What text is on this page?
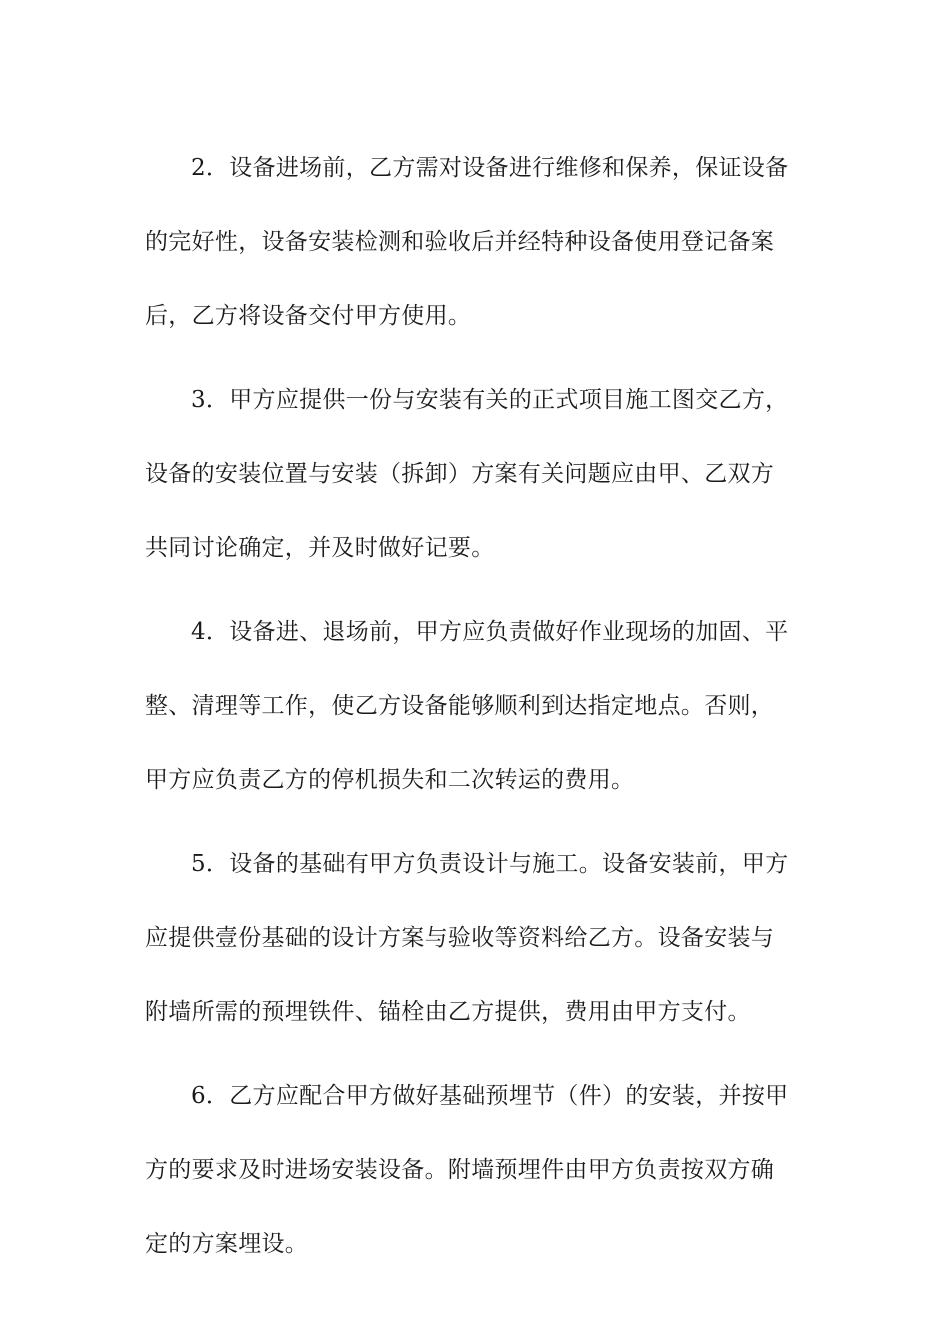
2．设备进场前，乙方需对设备进行维修和保养，保证设备
的完好性，设备安装检测和验收后并经特种设备使用登记备案
后，乙方将设备交付甲方使用。
3．甲方应提供一份与安装有关的正式项目施工图交乙方，
设备的安装位置与安装（拆卸）方案有关问题应由甲、乙双方
共同讨论确定，并及时做好记要。
4．设备进、退场前，甲方应负责做好作业现场的加固、平
整、清理等工作，使乙方设备能够顺利到达指定地点。否则，
甲方应负责乙方的停机损失和二次转运的费用。
5．设备的基础有甲方负责设计与施工。设备安装前，甲方
应提供壹份基础的设计方案与验收等资料给乙方。设备安装与
附墙所需的预埋铁件、锚栓由乙方提供，费用由甲方支付。
6．乙方应配合甲方做好基础预埋节（件）的安装，并按甲
方的要求及时进场安装设备。附墙预埋件由甲方负责按双方确
定的方案埋设。
